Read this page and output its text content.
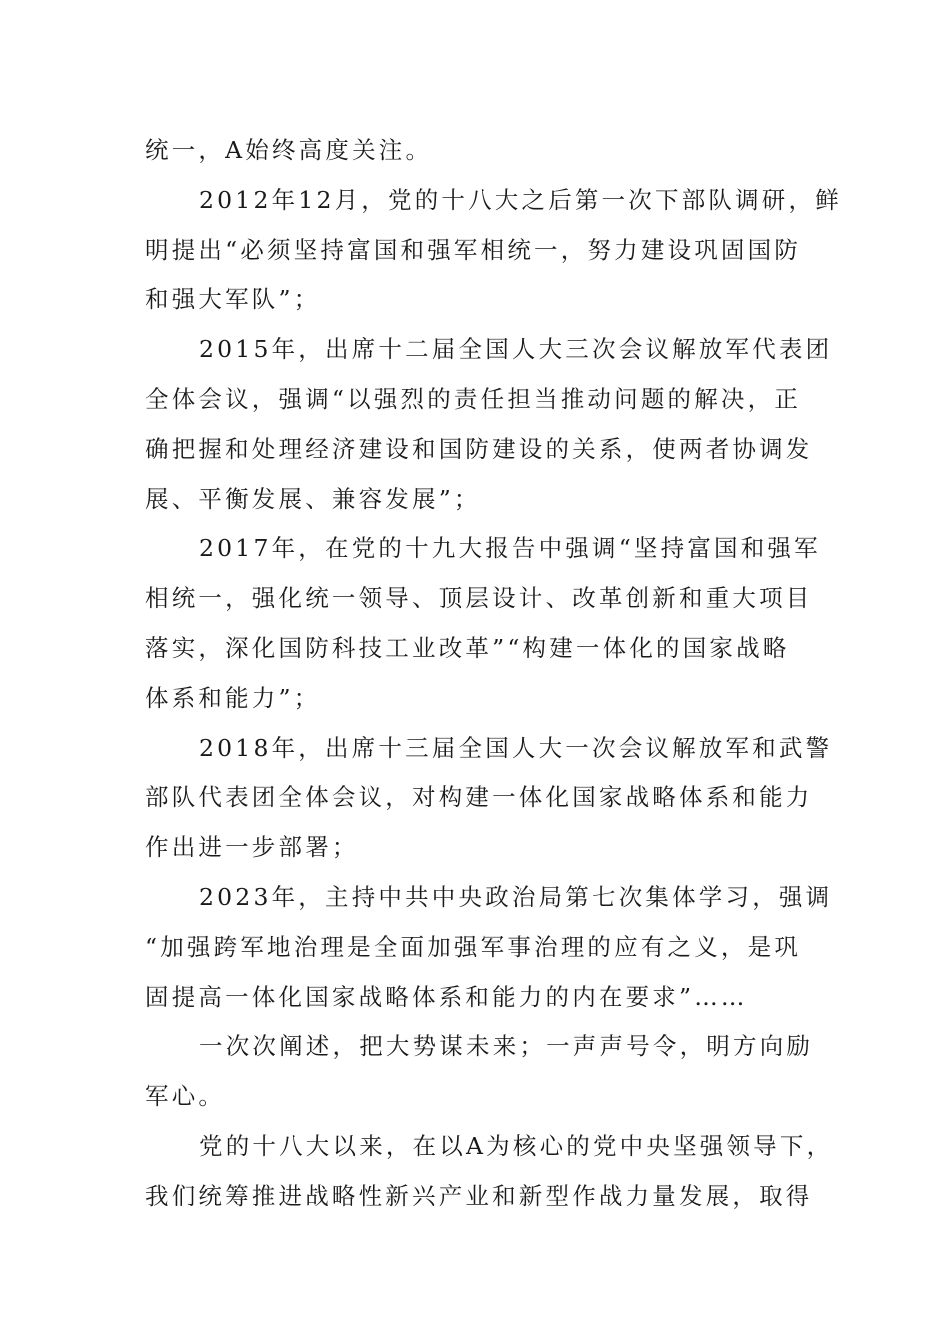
统一，A始终高度关注。
2012年12月，党的十八大之后第一次下部队调研，鲜
明提出“必须坚持富国和强军相统一，努力建设巩固国防
和强大军队”；
2015年，出席十二届全国人大三次会议解放军代表团
全体会议，强调“以强烈的责任担当推动问题的解决，正
确把握和处理经济建设和国防建设的关系，使两者协调发
展、平衡发展、兼容发展”；
2017年，在党的十九大报告中强调“坚持富国和强军
相统一，强化统一领导、顶层设计、改革创新和重大项目
落实，深化国防科技工业改革”“构建一体化的国家战略
体系和能力”；
2018年，出席十三届全国人大一次会议解放军和武警
部队代表团全体会议，对构建一体化国家战略体系和能力
作出进一步部署；
2023年，主持中共中央政治局第七次集体学习，强调
“加强跨军地治理是全面加强军事治理的应有之义，是巩
固提高一体化国家战略体系和能力的内在要求”……
一次次阐述，把大势谋未来；一声声号令，明方向励
军心。
党的十八大以来，在以A为核心的党中央坚强领导下，
我们统筹推进战略性新兴产业和新型作战力量发展，取得
